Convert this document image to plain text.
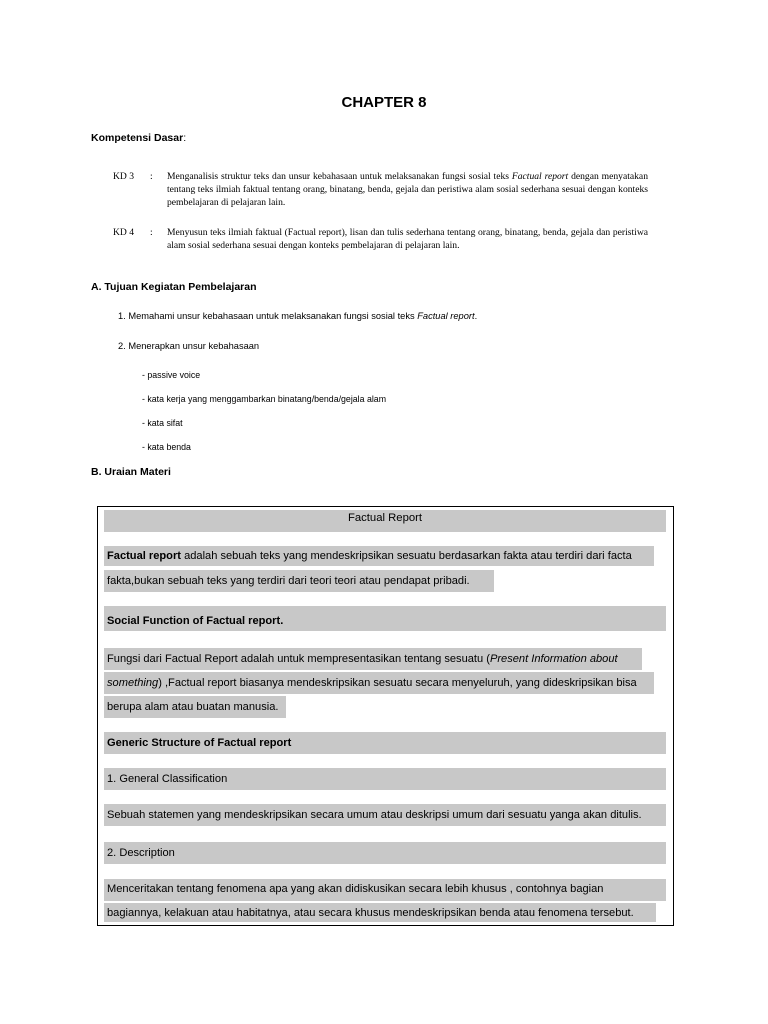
CHAPTER 8
Kompetensi Dasar:
KD 3 : Menganalisis struktur teks dan unsur kebahasaan untuk melaksanakan fungsi sosial teks Factual report dengan menyatakan tentang teks ilmiah faktual tentang orang, binatang, benda, gejala dan peristiwa alam sosial sederhana sesuai dengan konteks pembelajaran di pelajaran lain.
KD 4 : Menyusun teks ilmiah faktual (Factual report), lisan dan tulis sederhana tentang orang, binatang, benda, gejala dan peristiwa alam sosial sederhana sesuai dengan konteks pembelajaran di pelajaran lain.
A. Tujuan Kegiatan Pembelajaran
1. Memahami unsur kebahasaan untuk melaksanakan fungsi sosial teks Factual report.
2. Menerapkan unsur kebahasaan
- passive voice
- kata kerja yang menggambarkan binatang/benda/gejala alam
- kata sifat
- kata benda
B. Uraian Materi
Factual Report
Factual report adalah sebuah teks yang mendeskripsikan sesuatu berdasarkan fakta atau terdiri dari facta
fakta,bukan sebuah teks yang terdiri dari teori teori atau pendapat pribadi.
Social Function of Factual report.
Fungsi dari Factual Report adalah untuk mempresentasikan tentang sesuatu (Present Information about
something) ,Factual report biasanya mendeskripsikan sesuatu secara menyeluruh, yang dideskripsikan bisa
berupa alam atau buatan manusia.
Generic Structure of Factual report
1. General Classification
Sebuah statemen yang mendeskripsikan secara umum atau deskripsi umum dari sesuatu yanga akan ditulis.
2. Description
Menceritakan tentang fenomena apa yang akan didiskusikan secara lebih khusus , contohnya bagian
bagiannya, kelakuan atau habitatnya, atau secara khusus mendeskripsikan benda atau fenomena tersebut.
